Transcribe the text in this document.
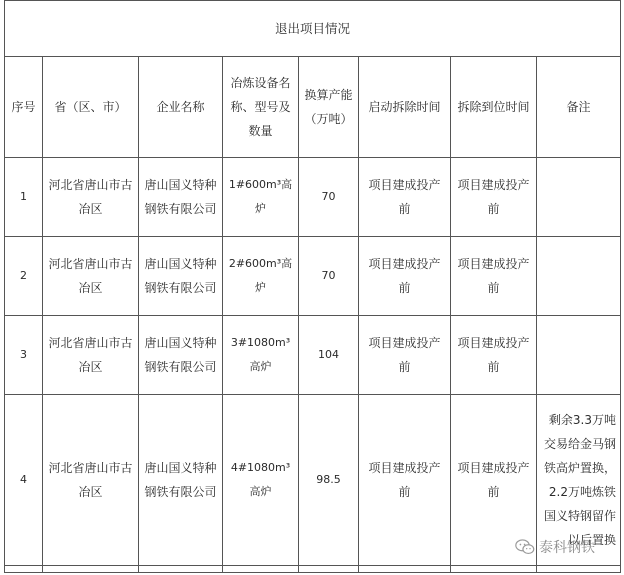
退出项目情况							
序号	省（区、市）	企业名称	冶炼设备名称、型号及数量	换算产能（万吨）	启动拆除时间	拆除到位时间	备注
1	河北省唐山市古冶区	唐山国义特种钢铁有限公司	1#600m³高炉	70	项目建成投产前	项目建成投产前	
2	河北省唐山市古冶区	唐山国义特种钢铁有限公司	2#600m³高炉	70	项目建成投产前	项目建成投产前	
3	河北省唐山市古冶区	唐山国义特种钢铁有限公司	3#1080m³高炉	104	项目建成投产前	项目建成投产前	
4	河北省唐山市古冶区	唐山国义特种钢铁有限公司	4#1080m³高炉	98.5	项目建成投产前	项目建成投产前	剩余3.3万吨交易给金马钢铁高炉置换，2.2万吨炼铁国义特钢留作以后置换

泰科钢铁
